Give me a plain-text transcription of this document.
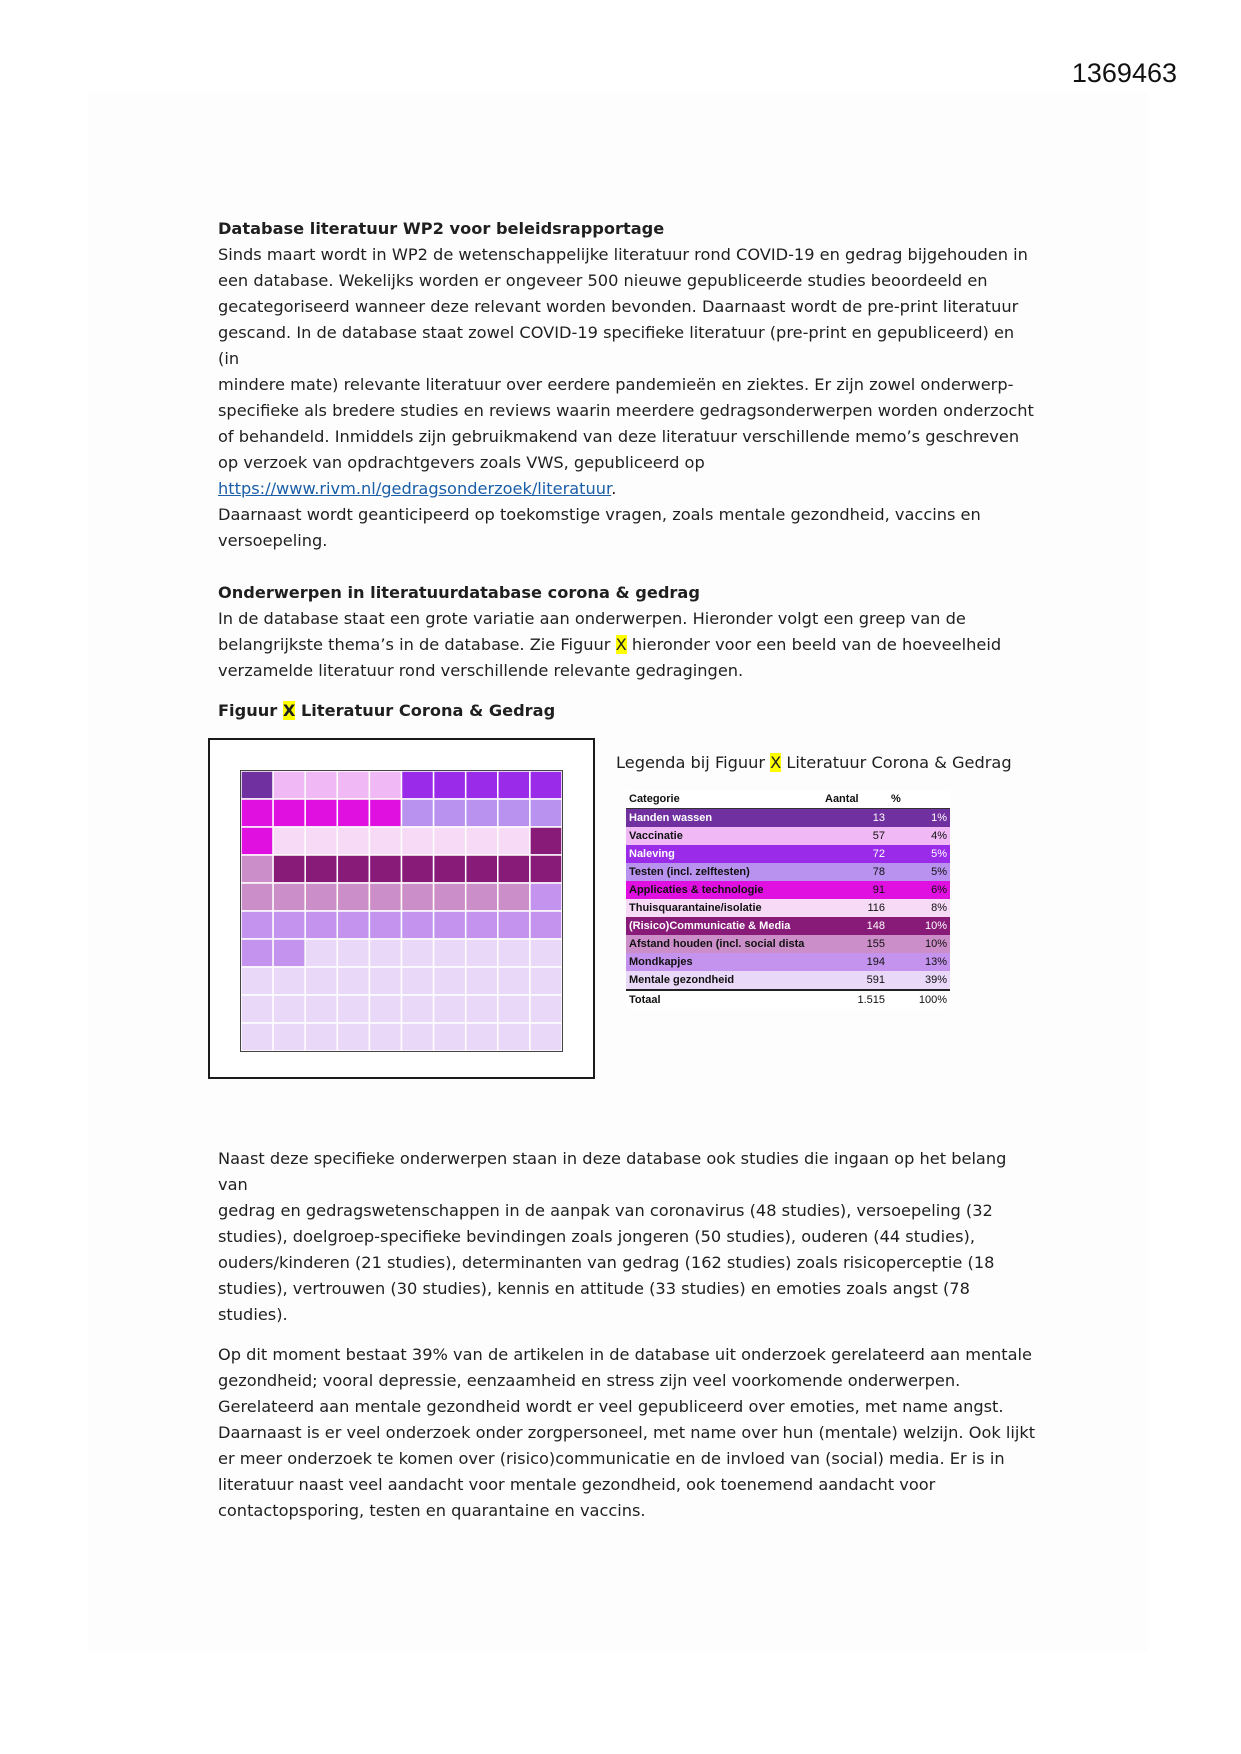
1369463

Database literatuur WP2 voor beleidsrapportage

Sinds maart wordt in WP2 de wetenschappelijke literatuur rond COVID-19 en gedrag bijgehouden in

een database. Wekelijks worden er ongeveer 500 nieuwe gepubliceerde studies beoordeeld en

gecategoriseerd wanneer deze relevant worden bevonden. Daarnaast wordt de pre-print literatuur

gescand. In de database staat zowel COVID-19 specifieke literatuur (pre-print en gepubliceerd) en (in

mindere mate) relevante literatuur over eerdere pandemieën en ziektes. Er zijn zowel onderwerp-

specifieke als bredere studies en reviews waarin meerdere gedragsonderwerpen worden onderzocht

of behandeld. Inmiddels zijn gebruikmakend van deze literatuur verschillende memo’s geschreven

op verzoek van opdrachtgevers zoals VWS, gepubliceerd op

https://www.rivm.nl/gedragsonderzoek/literatuur.

Daarnaast wordt geanticipeerd op toekomstige vragen, zoals mentale gezondheid, vaccins en

versoepeling.

Onderwerpen in literatuurdatabase corona & gedrag

In de database staat een grote variatie aan onderwerpen. Hieronder volgt een greep van de

belangrijkste thema’s in de database. Zie Figuur X hieronder voor een beeld van de hoeveelheid

verzamelde literatuur rond verschillende relevante gedragingen.

Figuur X Literatuur Corona & Gedrag

Legenda bij Figuur X Literatuur Corona & Gedrag
Categorie	Aantal	%
Handen wassen	13	1%
Vaccinatie	57	4%
Naleving	72	5%
Testen (incl. zelftesten)	78	5%
Applicaties & technologie	91	6%
Thuisquarantaine/isolatie	116	8%
(Risico)Communicatie & Media	148	10%
Afstand houden (incl. social dista	155	10%
Mondkapjes	194	13%
Mentale gezondheid	591	39%
Totaal	1.515	100%

Naast deze specifieke onderwerpen staan in deze database ook studies die ingaan op het belang van

gedrag en gedragswetenschappen in de aanpak van coronavirus (48 studies), versoepeling (32

studies), doelgroep-specifieke bevindingen zoals jongeren (50 studies), ouderen (44 studies),

ouders/kinderen (21 studies), determinanten van gedrag (162 studies) zoals risicoperceptie (18

studies), vertrouwen (30 studies), kennis en attitude (33 studies) en emoties zoals angst (78 studies).

Op dit moment bestaat 39% van de artikelen in de database uit onderzoek gerelateerd aan mentale

gezondheid; vooral depressie, eenzaamheid en stress zijn veel voorkomende onderwerpen.

Gerelateerd aan mentale gezondheid wordt er veel gepubliceerd over emoties, met name angst.

Daarnaast is er veel onderzoek onder zorgpersoneel, met name over hun (mentale) welzijn. Ook lijkt

er meer onderzoek te komen over (risico)communicatie en de invloed van (social) media. Er is in

literatuur naast veel aandacht voor mentale gezondheid, ook toenemend aandacht voor

contactopsporing, testen en quarantaine en vaccins.
